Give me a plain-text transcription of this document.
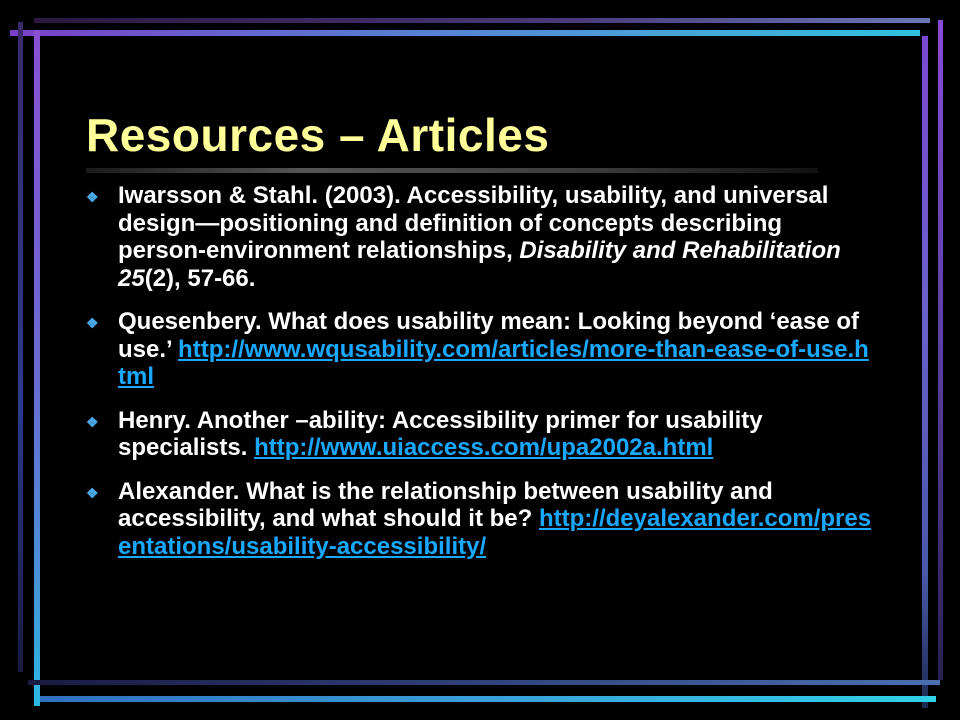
Resources – Articles
❖ Iwarsson & Stahl. (2003). Accessibility, usability, and universal design—positioning and definition of concepts describing person-environment relationships, Disability and Rehabilitation 25(2), 57-66.
❖ Quesenbery. What does usability mean: Looking beyond ‘ease of use.’ http://www.wqusability.com/articles/more-than-ease-of-use.html
❖ Henry. Another –ability: Accessibility primer for usability specialists. http://www.uiaccess.com/upa2002a.html
❖ Alexander. What is the relationship between usability and accessibility, and what should it be? http://deyalexander.com/presentations/usability-accessibility/
